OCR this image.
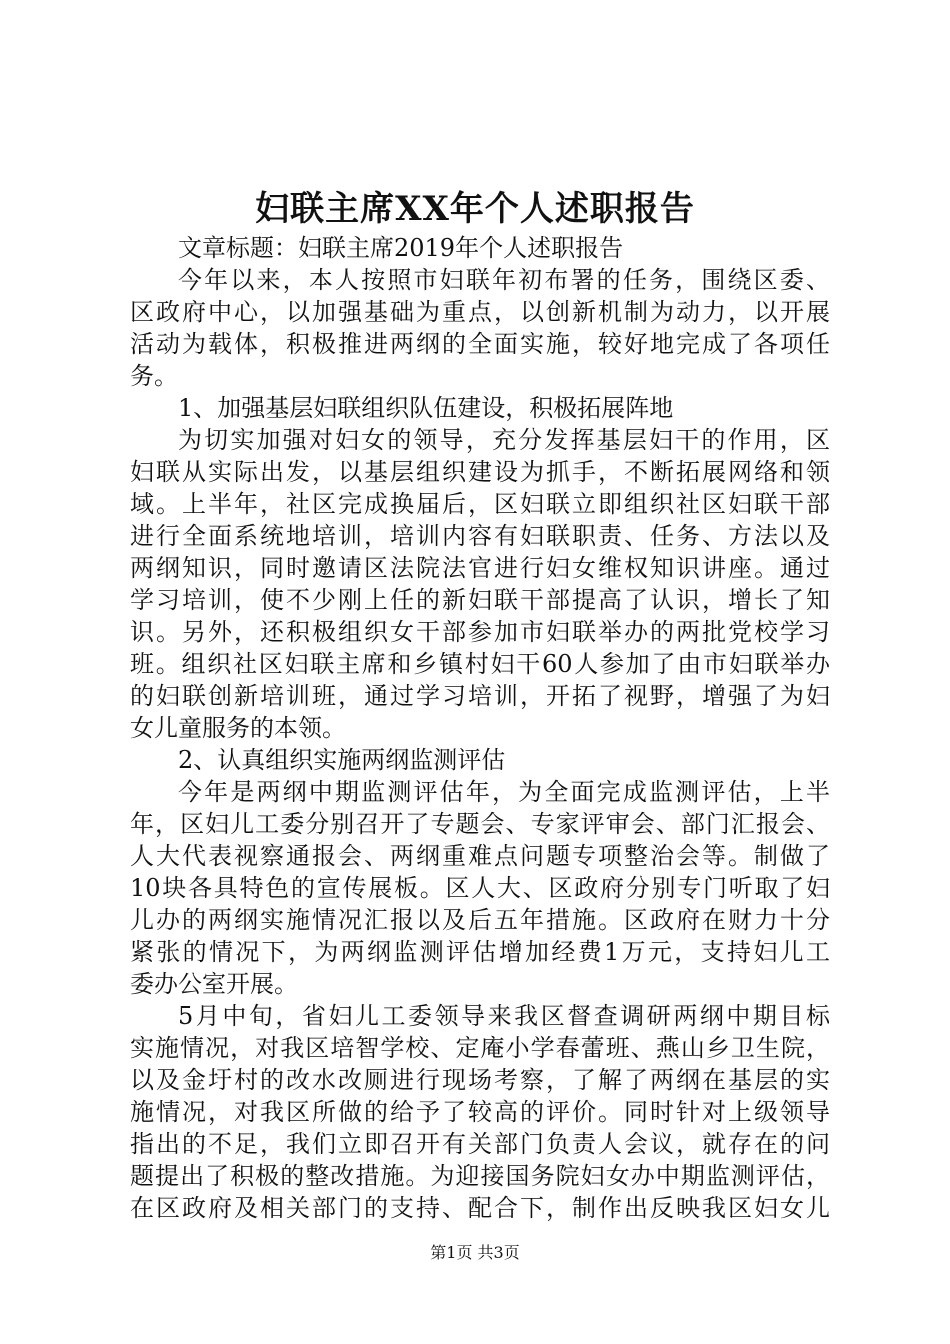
妇联主席XX年个人述职报告
文章标题：妇联主席2019年个人述职报告
今年以来，本人按照市妇联年初布署的任务，围绕区委、
区政府中心，以加强基础为重点，以创新机制为动力，以开展
活动为载体，积极推进两纲的全面实施，较好地完成了各项任
务。
1、加强基层妇联组织队伍建设，积极拓展阵地
为切实加强对妇女的领导，充分发挥基层妇干的作用，区
妇联从实际出发，以基层组织建设为抓手，不断拓展网络和领
域。上半年，社区完成换届后，区妇联立即组织社区妇联干部
进行全面系统地培训，培训内容有妇联职责、任务、方法以及
两纲知识，同时邀请区法院法官进行妇女维权知识讲座。通过
学习培训，使不少刚上任的新妇联干部提高了认识，增长了知
识。另外，还积极组织女干部参加市妇联举办的两批党校学习
班。组织社区妇联主席和乡镇村妇干60人参加了由市妇联举办
的妇联创新培训班，通过学习培训，开拓了视野，增强了为妇
女儿童服务的本领。
2、认真组织实施两纲监测评估
今年是两纲中期监测评估年，为全面完成监测评估，上半
年，区妇儿工委分别召开了专题会、专家评审会、部门汇报会、
人大代表视察通报会、两纲重难点问题专项整治会等。制做了
10块各具特色的宣传展板。区人大、区政府分别专门听取了妇
儿办的两纲实施情况汇报以及后五年措施。区政府在财力十分
紧张的情况下，为两纲监测评估增加经费1万元，支持妇儿工
委办公室开展。
5月中旬，省妇儿工委领导来我区督查调研两纲中期目标
实施情况，对我区培智学校、定庵小学春蕾班、燕山乡卫生院，
以及金圩村的改水改厕进行现场考察，了解了两纲在基层的实
施情况，对我区所做的给予了较高的评价。同时针对上级领导
指出的不足，我们立即召开有关部门负责人会议，就存在的问
题提出了积极的整改措施。为迎接国务院妇女办中期监测评估，
在区政府及相关部门的支持、配合下，制作出反映我区妇女儿
第1页 共3页
